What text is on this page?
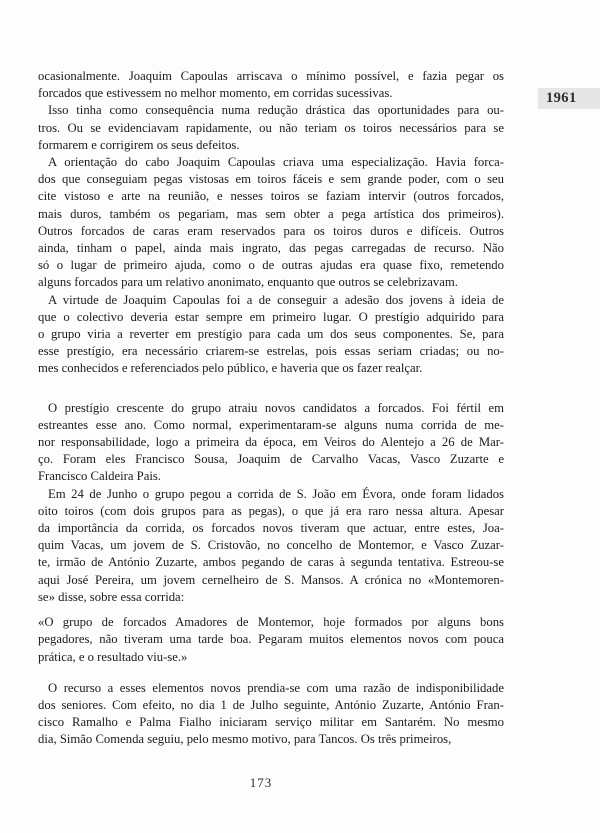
1961
ocasionalmente. Joaquim Capoulas arriscava o mínimo possível, e fazia pegar os
forcados que estivessem no melhor momento, em corridas sucessivas.
Isso tinha como consequência numa redução drástica das oportunidades para ou-
tros. Ou se evidenciavam rapidamente, ou não teriam os toiros necessários para se
formarem e corrigirem os seus defeitos.
A orientação do cabo Joaquim Capoulas criava uma especialização. Havia forca-
dos que conseguiam pegas vistosas em toiros fáceis e sem grande poder, com o seu
cite vistoso e arte na reunião, e nesses toiros se faziam intervir (outros forcados,
mais duros, também os pegariam, mas sem obter a pega artística dos primeiros).
Outros forcados de caras eram reservados para os toiros duros e difíceis. Outros
ainda, tinham o papel, ainda mais ingrato, das pegas carregadas de recurso. Não
só o lugar de primeiro ajuda, como o de outras ajudas era quase fixo, remetendo
alguns forcados para um relativo anonimato, enquanto que outros se celebrizavam.
A virtude de Joaquim Capoulas foi a de conseguir a adesão dos jovens à ideia de
que o colectivo deveria estar sempre em primeiro lugar. O prestígio adquirido para
o grupo viria a reverter em prestígio para cada um dos seus componentes. Se, para
esse prestígio, era necessário criarem-se estrelas, pois essas seriam criadas; ou no-
mes conhecidos e referenciados pelo público, e haveria que os fazer realçar.
O prestígio crescente do grupo atraiu novos candidatos a forcados. Foi fértil em
estreantes esse ano. Como normal, experimentaram-se alguns numa corrida de me-
nor responsabilidade, logo a primeira da época, em Veiros do Alentejo a 26 de Mar-
ço. Foram eles Francisco Sousa, Joaquim de Carvalho Vacas, Vasco Zuzarte e
Francisco Caldeira Pais.
Em 24 de Junho o grupo pegou a corrida de S. João em Évora, onde foram lidados
oito toiros (com dois grupos para as pegas), o que já era raro nessa altura. Apesar
da importância da corrida, os forcados novos tiveram que actuar, entre estes, Joa-
quim Vacas, um jovem de S. Cristovão, no concelho de Montemor, e Vasco Zuzar-
te, irmão de António Zuzarte, ambos pegando de caras à segunda tentativa. Estreou-se
aqui José Pereira, um jovem cernelheiro de S. Mansos. A crónica no «Montemoren-
se» disse, sobre essa corrida:
«O grupo de forcados Amadores de Montemor, hoje formados por alguns bons
pegadores, não tiveram uma tarde boa. Pegaram muitos elementos novos com pouca
prática, e o resultado viu-se.»
O recurso a esses elementos novos prendia-se com uma razão de indisponibilidade
dos seniores. Com efeito, no dia 1 de Julho seguinte, António Zuzarte, António Fran-
cisco Ramalho e Palma Fialho iniciaram serviço militar em Santarém. No mesmo
dia, Simão Comenda seguiu, pelo mesmo motivo, para Tancos. Os três primeiros,
173
